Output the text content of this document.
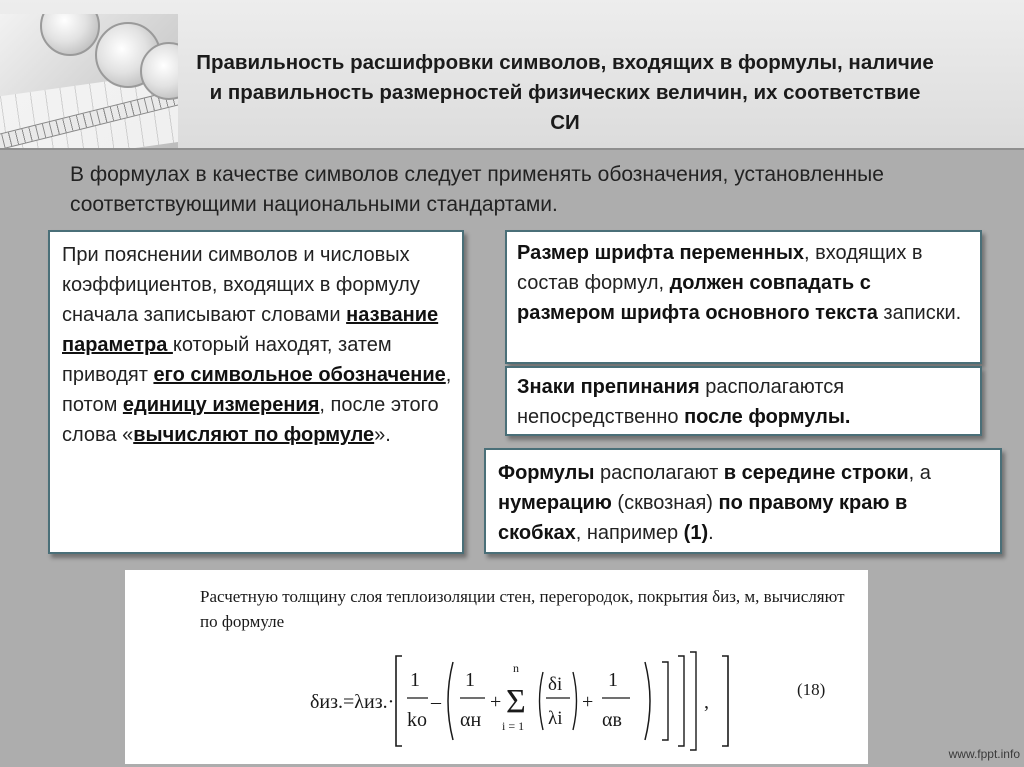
Правильность расшифровки символов, входящих в формулы, наличие и правильность размерностей физических величин, их соответствие СИ
В формулах в качестве символов следует применять обозначения, установленные соответствующими национальными стандартами.
При пояснении символов и числовых коэффициентов, входящих в формулу сначала записывают словами название параметра который находят, затем приводят его символьное обозначение, потом единицу измерения, после этого слова «вычисляют по формуле».
Размер шрифта переменных, входящих в состав формул, должен совпадать с размером шрифта основного текста записки.
Знаки препинания располагаются непосредственно после формулы.
Формулы располагают в середине строки, а нумерацию (сквозная) по правому краю в скобках, например (1).
Расчетную толщину слоя теплоизоляции стен, перегородок, покрытия δиз, м, вычисляют по формуле
δиз.=λиз.·
1
kо
–
1
αн
+
n
Σ
i = 1
δi
λi
+
1
αв
,
(18)
www.fppt.info
